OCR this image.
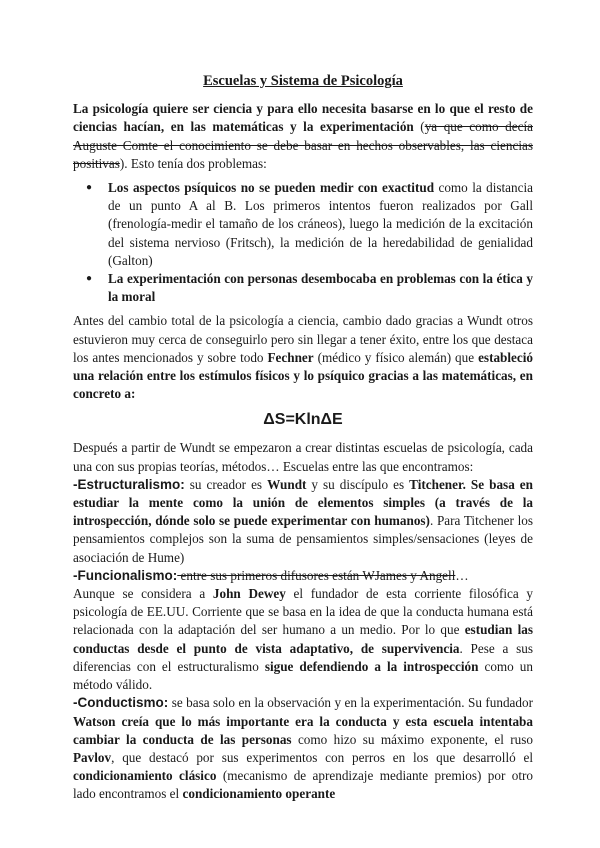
Escuelas y Sistema de Psicología

La psicología quiere ser ciencia y para ello necesita basarse en lo que el resto de ciencias hacían, en las matemáticas y la experimentación (ya que como decía Auguste Comte el conocimiento se debe basar en hechos observables, las ciencias positivas). Esto tenía dos problemas:

● Los aspectos psíquicos no se pueden medir con exactitud como la distancia de un punto A al B. Los primeros intentos fueron realizados por Gall (frenología-medir el tamaño de los cráneos), luego la medición de la excitación del sistema nervioso (Fritsch), la medición de la heredabilidad de genialidad (Galton)
● La experimentación con personas desembocaba en problemas con la ética y la moral

Antes del cambio total de la psicología a ciencia, cambio dado gracias a Wundt otros estuvieron muy cerca de conseguirlo pero sin llegar a tener éxito, entre los que destaca los antes mencionados y sobre todo Fechner (médico y físico alemán) que estableció una relación entre los estímulos físicos y lo psíquico gracias a las matemáticas, en concreto a:

ΔS=KlnΔE

Después a partir de Wundt se empezaron a crear distintas escuelas de psicología, cada una con sus propias teorías, métodos… Escuelas entre las que encontramos:

-Estructuralismo: su creador es Wundt y su discípulo es Titchener. Se basa en estudiar la mente como la unión de elementos simples (a través de la introspección, dónde solo se puede experimentar con humanos). Para Titchener los pensamientos complejos son la suma de pensamientos simples/sensaciones (leyes de asociación de Hume)

-Funcionalismo: entre sus primeros difusores están WJames y Angell…
Aunque se considera a John Dewey el fundador de esta corriente filosófica y psicología de EE.UU. Corriente que se basa en la idea de que la conducta humana está relacionada con la adaptación del ser humano a un medio. Por lo que estudian las conductas desde el punto de vista adaptativo, de supervivencia. Pese a sus diferencias con el estructuralismo sigue defendiendo a la introspección como un método válido.

-Conductismo: se basa solo en la observación y en la experimentación. Su fundador Watson creía que lo más importante era la conducta y esta escuela intentaba cambiar la conducta de las personas como hizo su máximo exponente, el ruso Pavlov, que destacó por sus experimentos con perros en los que desarrolló el condicionamiento clásico (mecanismo de aprendizaje mediante premios) por otro lado encontramos el condicionamiento operante
